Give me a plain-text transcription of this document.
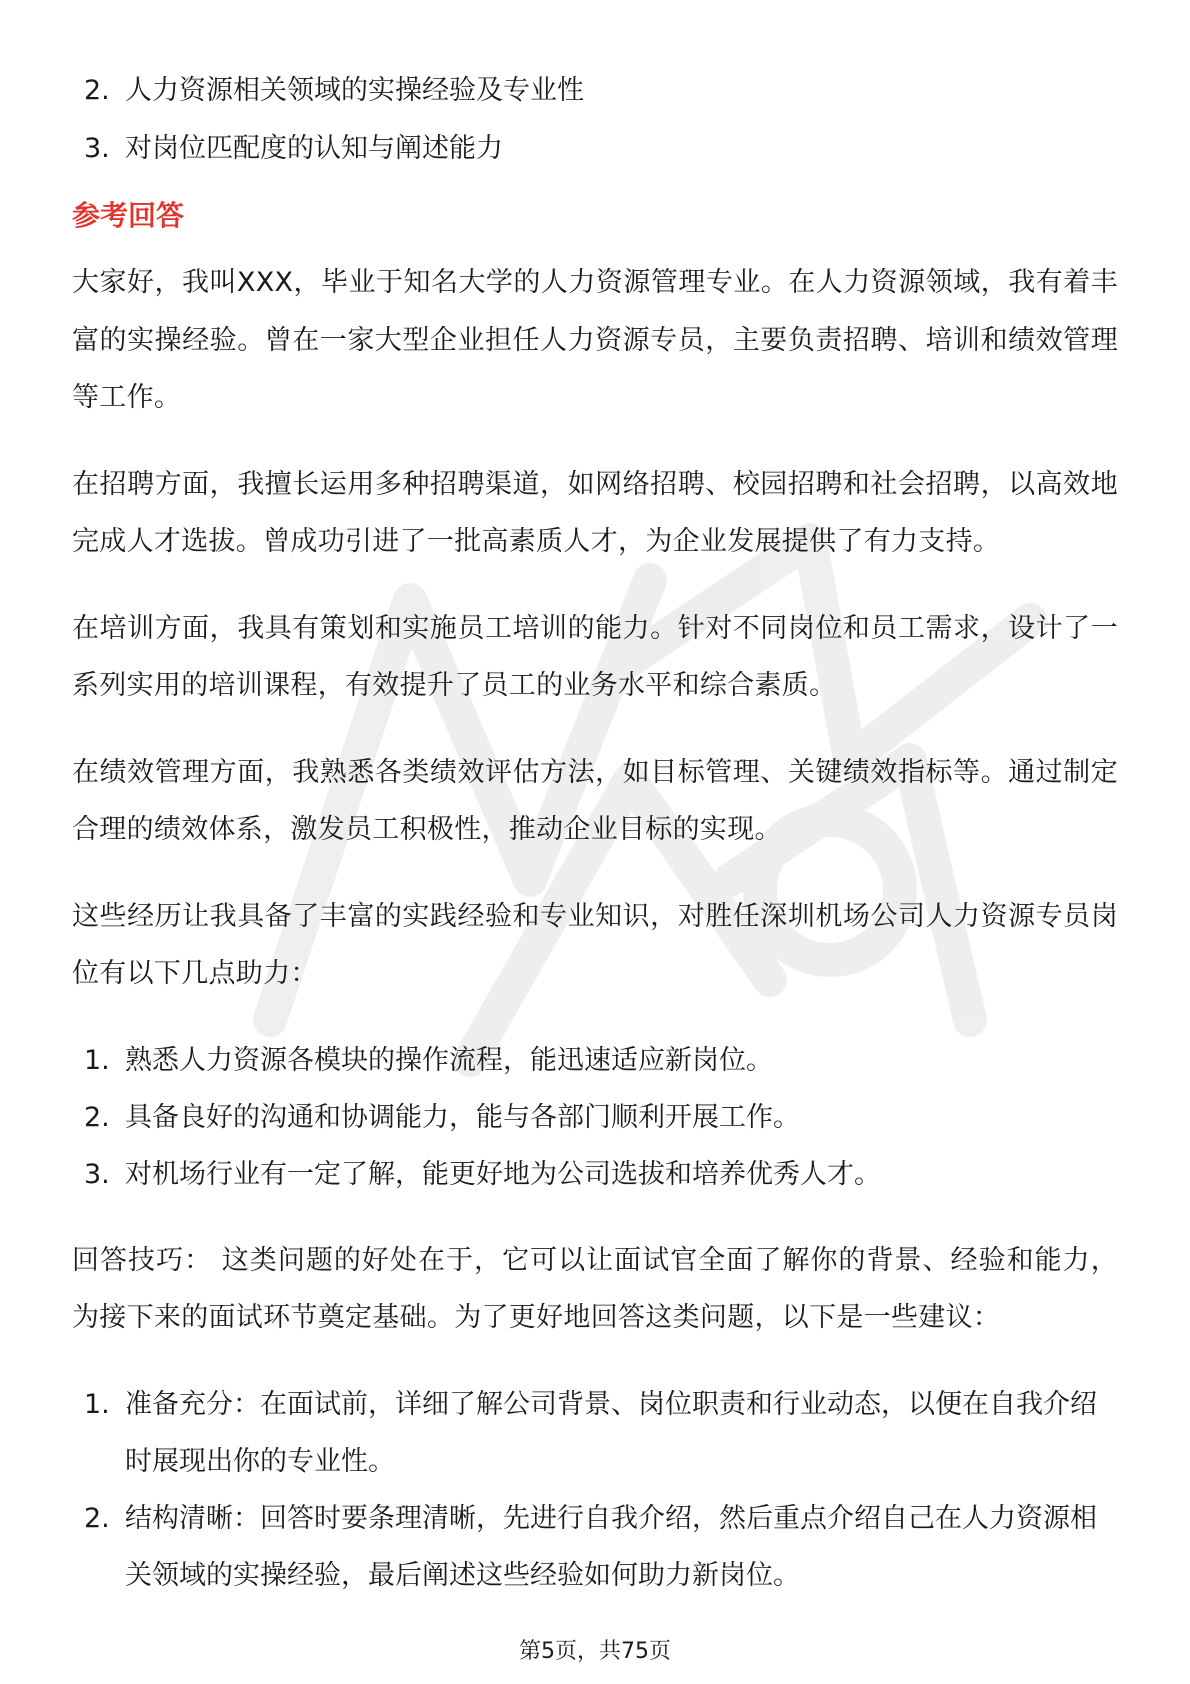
2. 人力资源相关领域的实操经验及专业性
3. 对岗位匹配度的认知与阐述能力
参考回答

大家好，我叫XXX，毕业于知名大学的人力资源管理专业。在人力资源领域，我有着丰富的实操经验。曾在一家大型企业担任人力资源专员，主要负责招聘、培训和绩效管理等工作。

在招聘方面，我擅长运用多种招聘渠道，如网络招聘、校园招聘和社会招聘，以高效地完成人才选拔。曾成功引进了一批高素质人才，为企业发展提供了有力支持。

在培训方面，我具有策划和实施员工培训的能力。针对不同岗位和员工需求，设计了一系列实用的培训课程，有效提升了员工的业务水平和综合素质。

在绩效管理方面，我熟悉各类绩效评估方法，如目标管理、关键绩效指标等。通过制定合理的绩效体系，激发员工积极性，推动企业目标的实现。

这些经历让我具备了丰富的实践经验和专业知识，对胜任深圳机场公司人力资源专员岗位有以下几点助力：

1. 熟悉人力资源各模块的操作流程，能迅速适应新岗位。
2. 具备良好的沟通和协调能力，能与各部门顺利开展工作。
3. 对机场行业有一定了解，能更好地为公司选拔和培养优秀人才。

回答技巧： 这类问题的好处在于，它可以让面试官全面了解你的背景、经验和能力，为接下来的面试环节奠定基础。为了更好地回答这类问题，以下是一些建议：

1. 准备充分：在面试前，详细了解公司背景、岗位职责和行业动态，以便在自我介绍时展现出你的专业性。
2. 结构清晰：回答时要条理清晰，先进行自我介绍，然后重点介绍自己在人力资源相关领域的实操经验，最后阐述这些经验如何助力新岗位。
第5页，共75页
